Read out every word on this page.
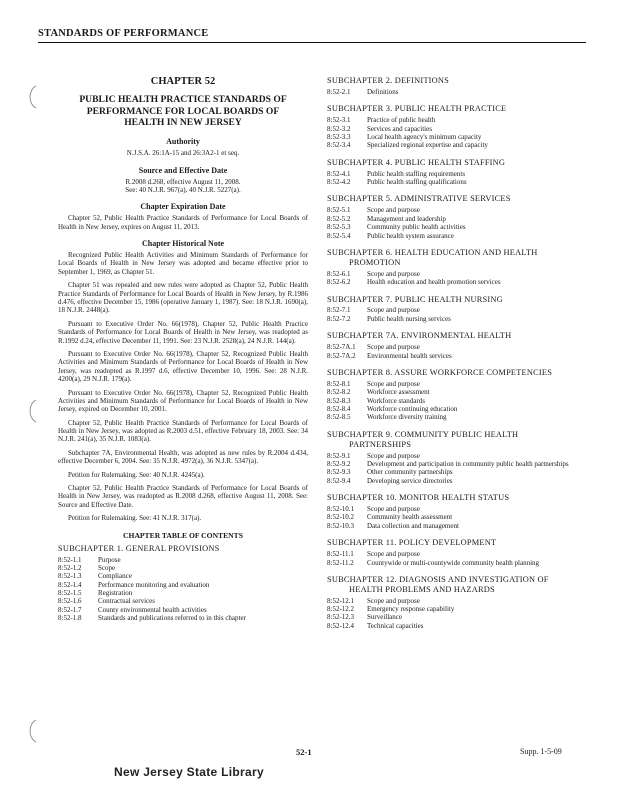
STANDARDS OF PERFORMANCE
CHAPTER 52
PUBLIC HEALTH PRACTICE STANDARDS OF
PERFORMANCE FOR LOCAL BOARDS OF
HEALTH IN NEW JERSEY
Authority
N.J.S.A. 26:1A-15 and 26:3A2-1 et seq.
Source and Effective Date
R.2008 d.268, effective August 11, 2008.
See: 40 N.J.R. 967(a), 40 N.J.R. 5227(a).
Chapter Expiration Date

Chapter 52, Public Health Practice Standards of Performance for Local Boards of Health in New Jersey, expires on August 11, 2013.

Chapter Historical Note

Recognized Public Health Activities and Minimum Standards of Performance for Local Boards of Health in New Jersey was adopted and became effective prior to September 1, 1969, as Chapter 51.

Chapter 51 was repealed and new rules were adopted as Chapter 52, Public Health Practice Standards of Performance for Local Boards of Health in New Jersey, by R.1986 d.476, effective December 15, 1986 (operative January 1, 1987). See: 18 N.J.R. 1690(a), 18 N.J.R. 2448(a).

Pursuant to Executive Order No. 66(1978), Chapter 52, Public Health Practice Standards of Performance for Local Boards of Health in New Jersey, was readopted as R.1992 d.24, effective December 11, 1991. See: 23 N.J.R. 2528(a), 24 N.J.R. 144(a).

Pursuant to Executive Order No. 66(1978), Chapter 52, Recognized Public Health Activities and Minimum Standards of Performance for Local Boards of Health in New Jersey, was readopted as R.1997 d.6, effective December 10, 1996. See: 28 N.J.R. 4200(a), 29 N.J.R. 179(a).

Pursuant to Executive Order No. 66(1978), Chapter 52, Recognized Public Health Activities and Minimum Standards of Performance for Local Boards of Health in New Jersey, expired on December 10, 2001.

Chapter 52, Public Health Practice Standards of Performance for Local Boards of Health in New Jersey, was adopted as R.2003 d.51, effective February 18, 2003. See: 34 N.J.R. 241(a), 35 N.J.R. 1083(a).

Subchapter 7A, Environmental Health, was adopted as new rules by R.2004 d.434, effective December 6, 2004. See: 35 N.J.R. 4972(a), 36 N.J.R. 5347(a).

Petition for Rulemaking. See: 40 N.J.R. 4245(a).

Chapter 52, Public Health Practice Standards of Performance for Local Boards of Health in New Jersey, was readopted as R.2008 d.268, effective August 11, 2008. See: Source and Effective Date.

Petition for Rulemaking. See: 41 N.J.R. 317(a).

CHAPTER TABLE OF CONTENTS
SUBCHAPTER 1. GENERAL PROVISIONS
8:52-1.1	Purpose
8:52-1.2	Scope
8:52-1.3	Compliance
8:52-1.4	Performance monitoring and evaluation
8:52-1.5	Registration
8:52-1.6	Contractual services
8:52-1.7	County environmental health activities
8:52-1.8	Standards and publications referred to in this chapter
SUBCHAPTER 2. DEFINITIONS
8:52-2.1	Definitions
SUBCHAPTER 3. PUBLIC HEALTH PRACTICE
8:52-3.1	Practice of public health
8:52-3.2	Services and capacities
8:52-3.3	Local health agency's minimum capacity
8:52-3.4	Specialized regional expertise and capacity
SUBCHAPTER 4. PUBLIC HEALTH STAFFING
8:52-4.1	Public health staffing requirements
8:52-4.2	Public health staffing qualifications
SUBCHAPTER 5. ADMINISTRATIVE SERVICES
8:52-5.1	Scope and purpose
8:52-5.2	Management and leadership
8:52-5.3	Community public health activities
8:52-5.4	Public health system assurance
SUBCHAPTER 6. HEALTH EDUCATION AND HEALTH
PROMOTION
8:52-6.1	Scope and purpose
8:52-6.2	Health education and health promotion services
SUBCHAPTER 7. PUBLIC HEALTH NURSING
8:52-7.1	Scope and purpose
8:52-7.2	Public health nursing services
SUBCHAPTER 7A. ENVIRONMENTAL HEALTH
8:52-7A.1	Scope and purpose
8:52-7A.2	Environmental health services
SUBCHAPTER 8. ASSURE WORKFORCE COMPETENCIES
8:52-8.1	Scope and purpose
8:52-8.2	Workforce assessment
8:52-8.3	Workforce standards
8:52-8.4	Workforce continuing education
8:52-8.5	Workforce diversity training
SUBCHAPTER 9. COMMUNITY PUBLIC HEALTH
PARTNERSHIPS
8:52-9.1	Scope and purpose
8:52-9.2	Development and participation in community public health partnerships
8:52-9.3	Other community partnerships
8:52-9.4	Developing service directories
SUBCHAPTER 10. MONITOR HEALTH STATUS
8:52-10.1	Scope and purpose
8:52-10.2	Community health assessment
8:52-10.3	Data collection and management
SUBCHAPTER 11. POLICY DEVELOPMENT
8:52-11.1	Scope and purpose
8:52-11.2	Countywide or multi-countywide community health planning
SUBCHAPTER 12. DIAGNOSIS AND INVESTIGATION OF
HEALTH PROBLEMS AND HAZARDS
8:52-12.1	Scope and purpose
8:52-12.2	Emergency response capability
8:52-12.3	Surveillance
8:52-12.4	Technical capacities
52-1	Supp. 1-5-09
New Jersey State Library
